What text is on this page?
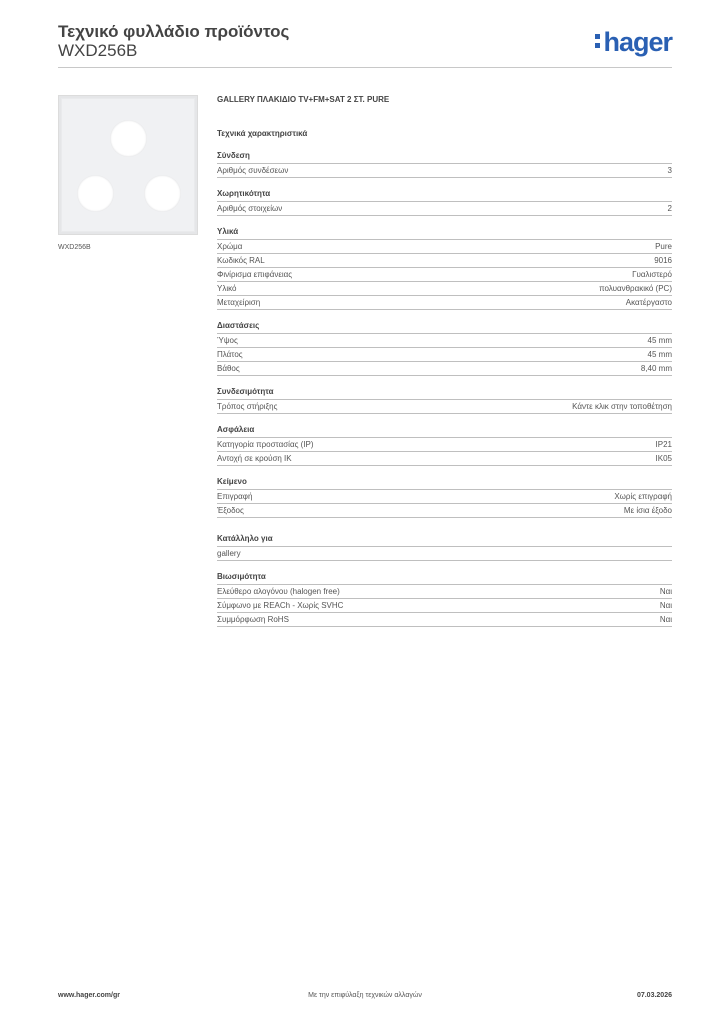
Τεχνικό φυλλάδιο προϊόντος
WXD256B	hager
WXD256B
GALLERY ΠΛΑΚΙΔΙΟ TV+FM+SAT 2 ΣΤ. PURE
Τεχνικά χαρακτηριστικά
Σύνδεση
Αριθμός συνδέσεων	3
Χωρητικότητα
Αριθμός στοιχείων	2
Υλικά
Χρώμα	Pure
Κωδικός RAL	9016
Φινίρισμα επιφάνειας	Γυαλιστερό
Υλικό	πολυανθρακικό (PC)
Μεταχείριση	Ακατέργαστο
Διαστάσεις
Ύψος	45 mm
Πλάτος	45 mm
Βάθος	8,40 mm
Συνδεσιμότητα
Τρόπος στήριξης	Κάντε κλικ στην τοποθέτηση
Ασφάλεια
Κατηγορία προστασίας (IP)	IP21
Αντοχή σε κρούση IK	IK05
Κείμενο
Επιγραφή	Χωρίς επιγραφή
Έξοδος	Με ίσια έξοδο
Κατάλληλο για
gallery
Βιωσιμότητα
Ελεύθερο αλογόνου (halogen free)	Ναι
Σύμφωνο με REACh - Χωρίς SVHC	Ναι
Συμμόρφωση RoHS	Ναι
www.hager.com/gr	Με την επιφύλαξη τεχνικών αλλαγών	07.03.2026
